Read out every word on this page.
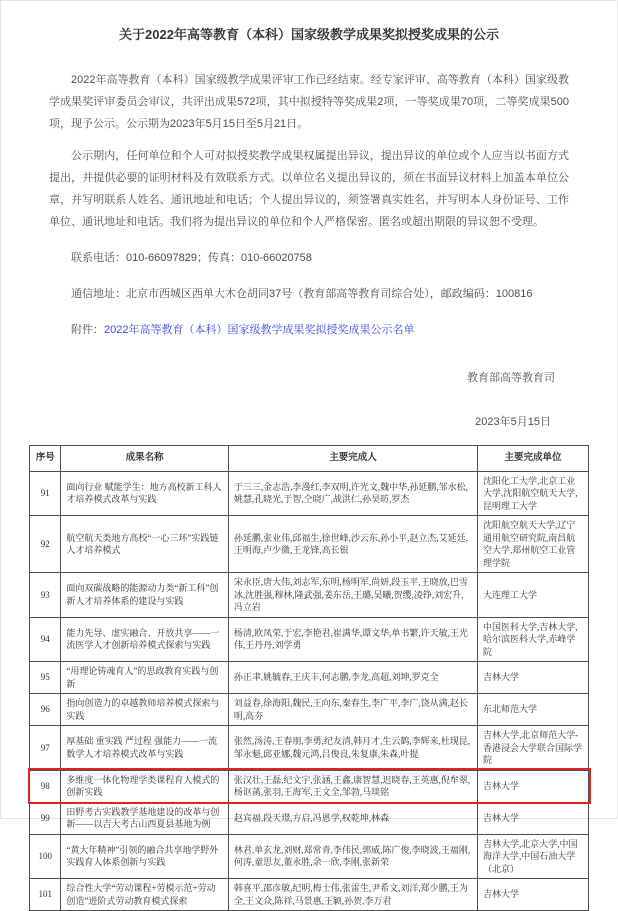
关于2022年高等教育（本科）国家级教学成果奖拟授奖成果的公示

2022年高等教育（本科）国家级教学成果评审工作已经结束。经专家评审、高等教育（本科）国家级教学成果奖评审委员会审议，共评出成果572项，其中拟授特等奖成果2项，一等奖成果70项，二等奖成果500项，现予公示。公示期为2023年5月15日至5月21日。

公示期内，任何单位和个人可对拟授奖教学成果权属提出异议，提出异议的单位或个人应当以书面方式提出，并提供必要的证明材料及有效联系方式。以单位名义提出异议的，须在书面异议材料上加盖本单位公章，并写明联系人姓名、通讯地址和电话；个人提出异议的，须签署真实姓名，并写明本人身份证号、工作单位、通讯地址和电话。我们将为提出异议的单位和个人严格保密。匿名或超出期限的异议恕不受理。

联系电话：010-66097829；传真：010-66020758

通信地址：北京市西城区西单大木仓胡同37号（教育部高等教育司综合处），邮政编码：100816

附件：2022年高等教育（本科）国家级教学成果奖拟授奖成果公示名单

教育部高等教育司
2023年5月15日
序号	成果名称	主要完成人	主要完成单位
91	面向行业 赋能学生：地方高校新工科人才培养模式改革与实践	于三三,金志浩,李漫红,李双明,许光文,魏中华,孙延鹏,邹水松,姚慧,孔晓光,于智,仝晓广,战洪仁,孙昊昉,罗杰	沈阳化工大学,北京工业大学,沈阳航空航天大学,昆明理工大学
92	航空航天类地方高校“一心三环”实践链人才培养模式	孙延鹏,张业伟,邱福生,徐世峰,沙云东,孙小平,赵立杰,艾延廷,王明海,卢少微,王龙锋,高长银	沈阳航空航天大学,辽宁通用航空研究院,南昌航空大学,郑州航空工业管理学院
93	面向双碳战略的能源动力类“新工科”创新人才培养体系的建设与实践	宋永臣,唐大伟,刘志军,东明,杨明军,尚妍,段玉平,王晓放,巴雪冰,沈胜强,穆林,隆武强,姜东岳,王璐,吴曦,贺缨,凌铮,刘宏升,冯立岩	大连理工大学
94	能力先导、虚实融合、开放共享——一流医学人才创新培养模式探索与实践	杨清,欧凤荣,于宏,李艳君,崔满华,谭文华,单书繁,许天敏,王光伟,王丹丹,刘学勇	中国医科大学,吉林大学,哈尔滨医科大学,赤峰学院
95	“用理论铸魂育人”的思政教育实践与创新	孙正聿,姚毓春,王庆丰,何志鹏,李龙,高超,刘坤,罗克全	吉林大学
96	指向创造力的卓越教师培养模式探索与实践	刘益春,徐海阳,魏民,王向东,秦春生,李广平,李广,饶从满,赵长明,高夯	东北师范大学
97	厚基础 重实践 严过程 强能力——一流数学人才培养模式改革与实践	张然,汤涛,王春朋,李勇,纪友清,韩月才,生云鹤,李辉来,杜现昆,邹永魁,邱亚娜,魏元鸿,吕俊良,朱复康,朱森,叶提	吉林大学,北京师范大学-香港浸会大学联合国际学院
98	多维度一体化物理学类课程育人模式的创新实践	张汉壮,王磊,纪文宇,张涵,王鑫,康智慧,迟晓春,王英惠,倪牟翠,杨讴菡,张羽,王海军,王文全,邹勃,马琰铭	吉林大学
99	田野考古实践教学基地建设的改革与创新——以吉大考古山西夏县基地为例	赵宾福,段天璟,方启,冯恩学,权乾坤,林森	吉林大学
100	“黄大年精神”引领的融合共享地学野外实践育人体系创新与实践	林君,单玄龙,刘财,郑常青,李伟民,郭威,陈广俊,李晓波,王福刚,何涛,童思友,董永胜,余一欣,李刚,张新荣	吉林大学,北京大学,中国海洋大学,中国石油大学（北京）
101	综合性大学“劳动课程+劳模示范+劳动创造”进阶式劳动教育模式探索	韩喜平,邵彦敏,纪明,梅士伟,张雷生,尹希文,刘洋,郑少鹏,王为全,王文众,陈祥,马景惠,王颖,孙贺,李万君	吉林大学
